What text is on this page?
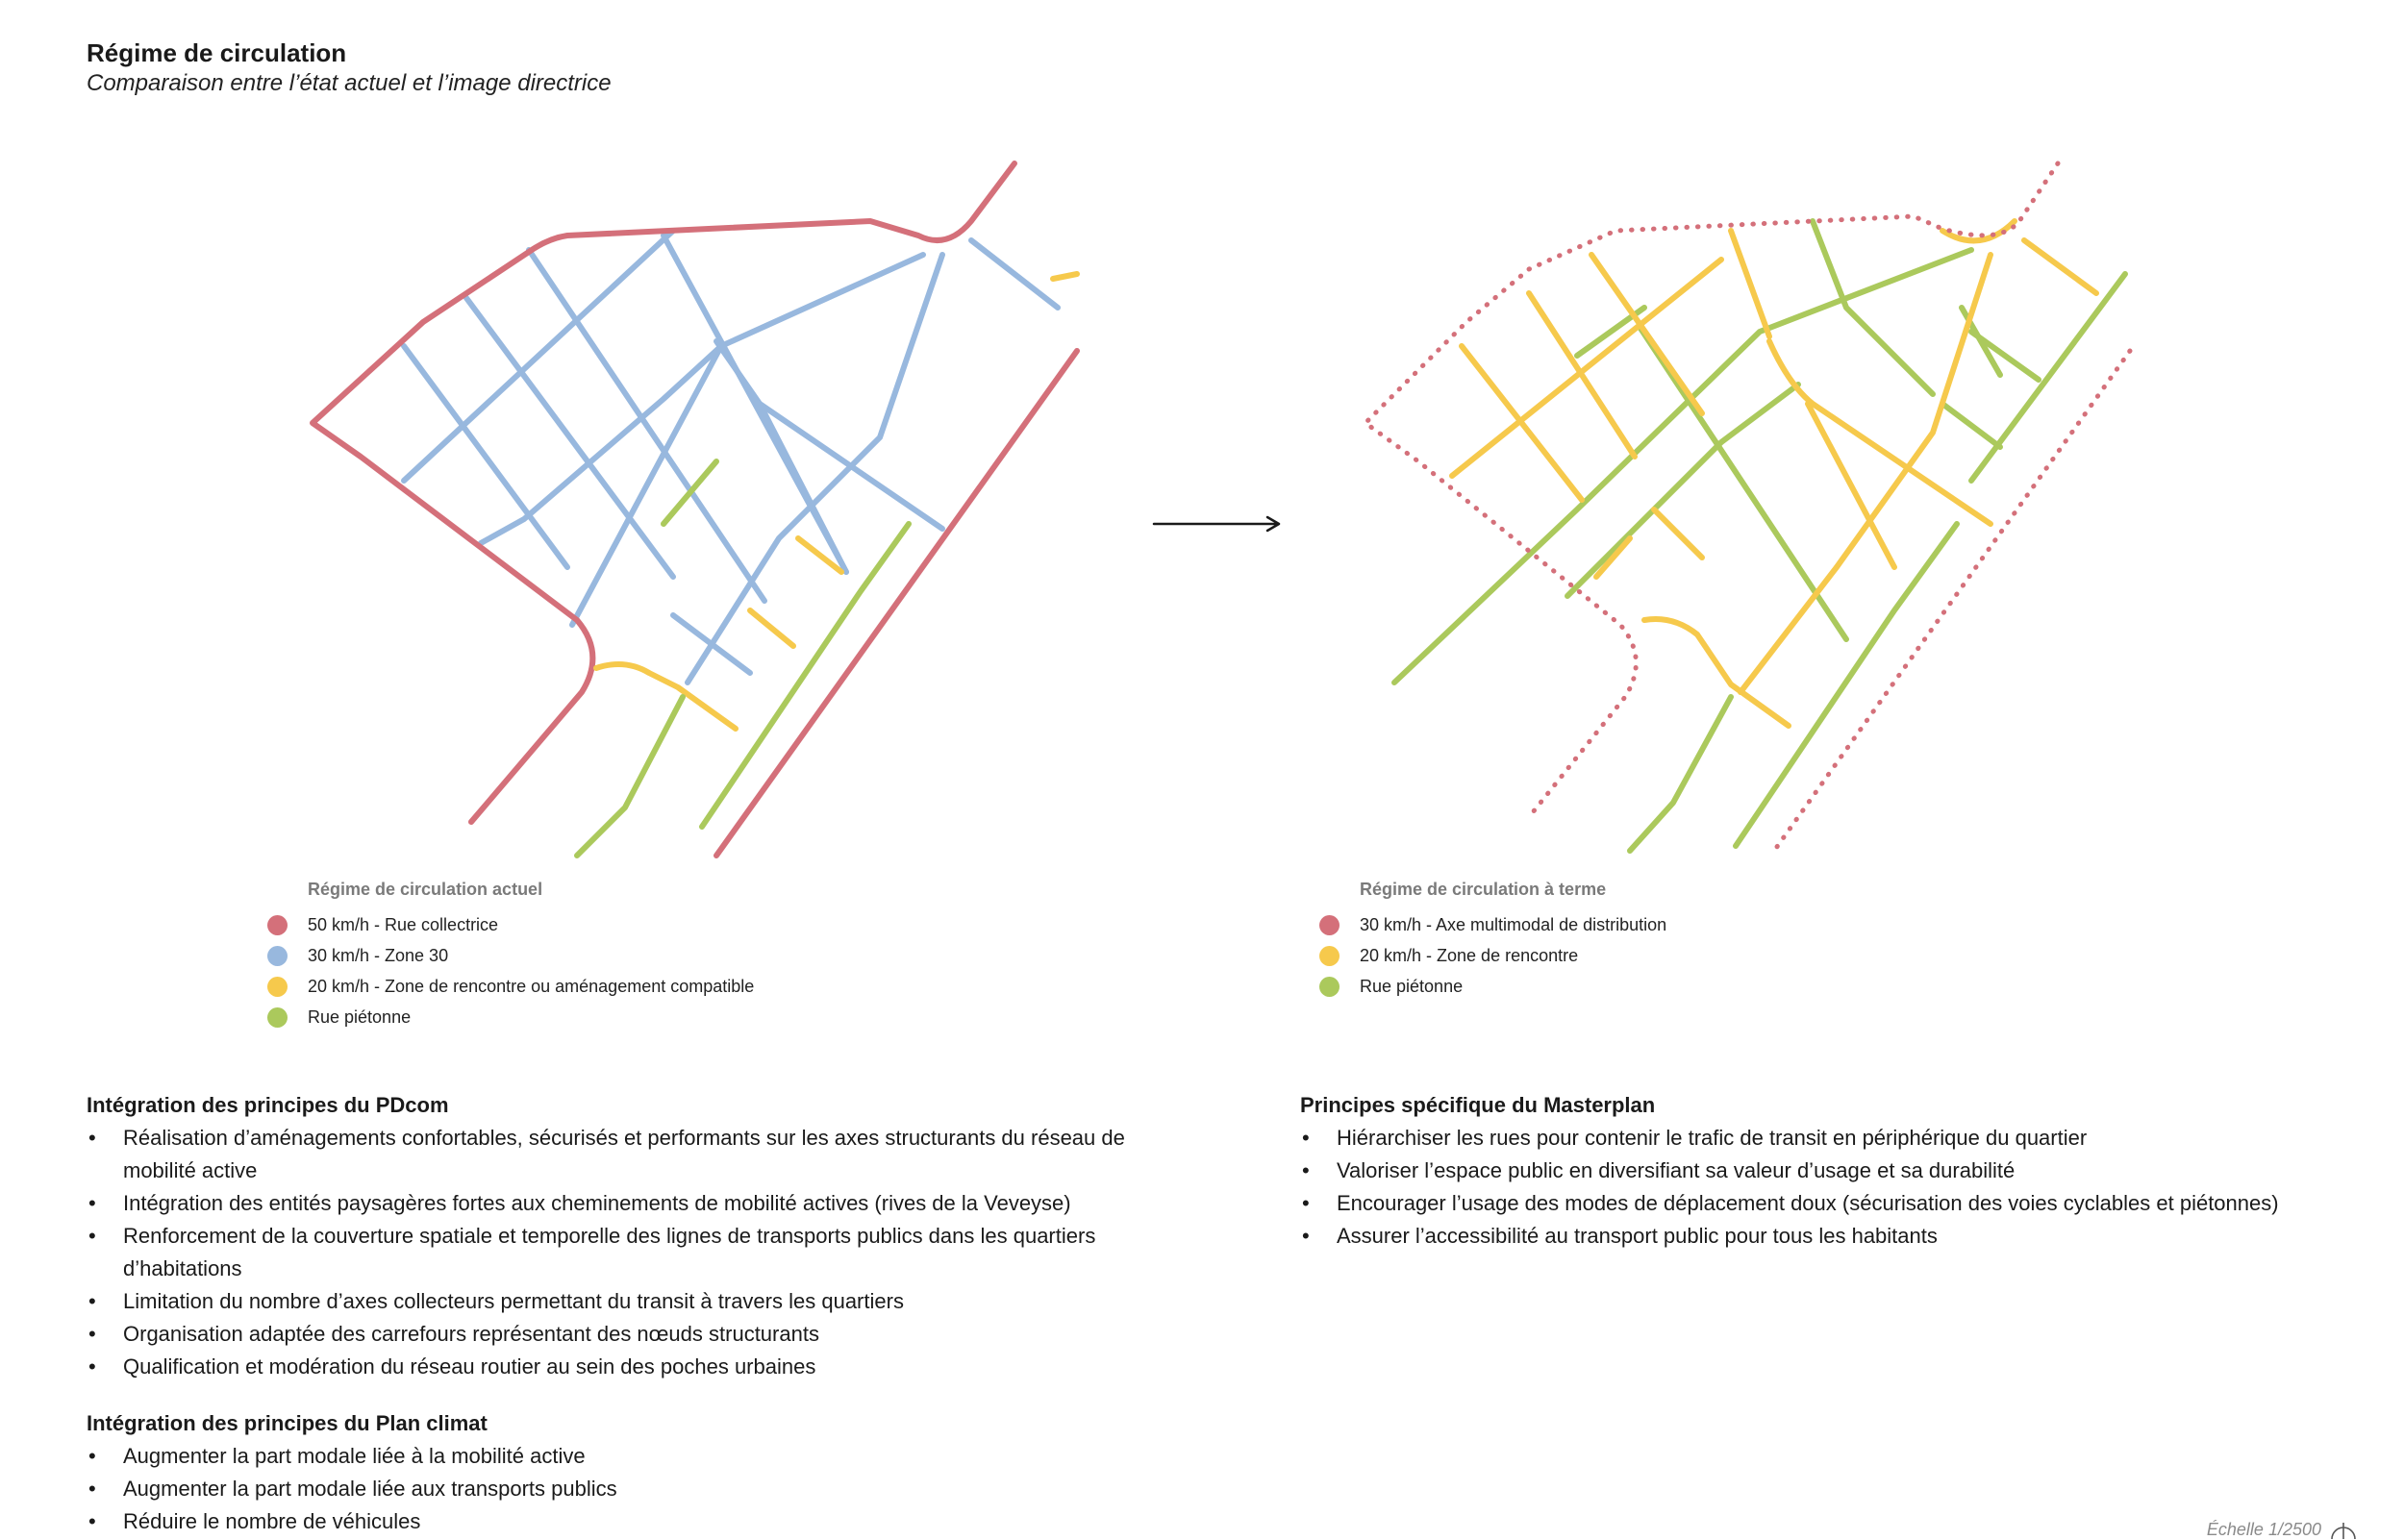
Régime de circulation

Comparaison entre l’état actuel et l’image directrice

Régime de circulation actuel
50 km/h - Rue collectrice
30 km/h - Zone 30
20 km/h - Zone de rencontre ou aménagement compatible
Rue piétonne
Régime de circulation à terme
30 km/h - Axe multimodal de distribution
20 km/h - Zone de rencontre
Rue piétonne
Intégration des principes du PDcom
• Réalisation d’aménagements confortables, sécurisés et performants sur les axes structurants du réseau de mobilité active
• Intégration des entités paysagères fortes aux cheminements de mobilité actives (rives de la Veveyse)
• Renforcement de la couverture spatiale et temporelle des lignes de transports publics dans les quartiers d’habitations
• Limitation du nombre d’axes collecteurs permettant du transit à travers les quartiers
• Organisation adaptée des carrefours représentant des nœuds structurants
• Qualification et modération du réseau routier au sein des poches urbaines
Intégration des principes du Plan climat
• Augmenter la part modale liée à la mobilité active
• Augmenter la part modale liée aux transports publics
• Réduire le nombre de véhicules
Principes spécifique du Masterplan
• Hiérarchiser les rues pour contenir le trafic de transit en périphérique du quartier
• Valoriser l’espace public en diversifiant sa valeur d’usage et sa durabilité
• Encourager l’usage des modes de déplacement doux (sécurisation des voies cyclables et piétonnes)
• Assurer l’accessibilité au transport public pour tous les habitants
Échelle 1/2500
